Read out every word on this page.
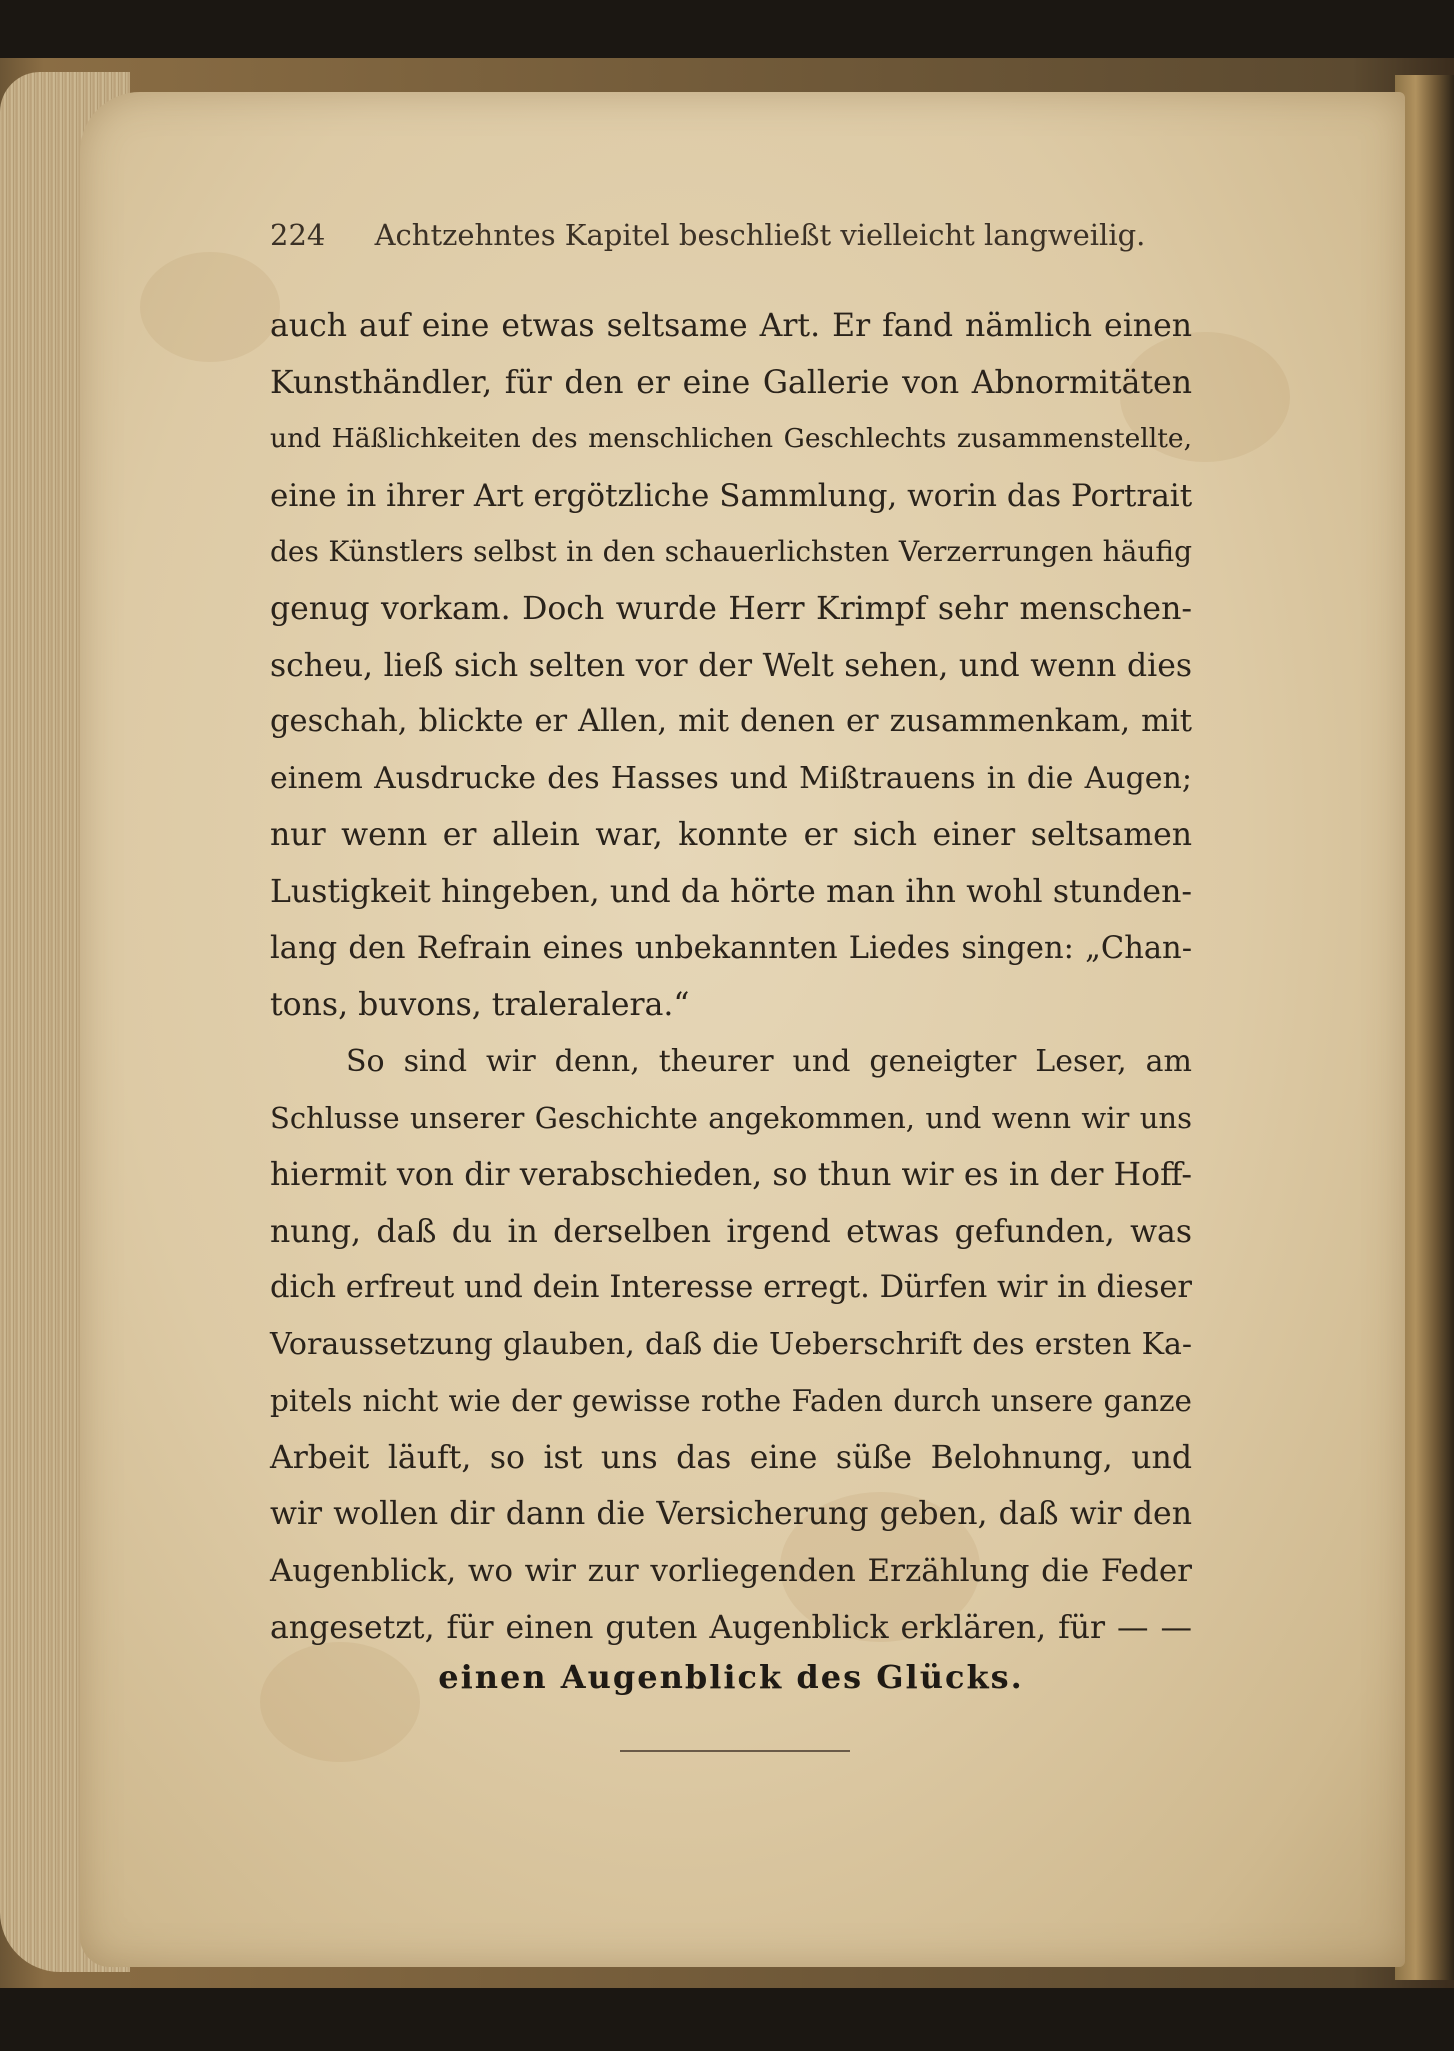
224 Achtzehntes Kapitel beschließt vielleicht langweilig.
auch auf eine etwas seltsame Art. Er fand nämlich einen
Kunsthändler, für den er eine Gallerie von Abnormitäten
und Häßlichkeiten des menschlichen Geschlechts zusammenstellte,
eine in ihrer Art ergötzliche Sammlung, worin das Portrait
des Künstlers selbst in den schauerlichsten Verzerrungen häufig
genug vorkam. Doch wurde Herr Krimpf sehr menschen-
scheu, ließ sich selten vor der Welt sehen, und wenn dies
geschah, blickte er Allen, mit denen er zusammenkam, mit
einem Ausdrucke des Hasses und Mißtrauens in die Augen;
nur wenn er allein war, konnte er sich einer seltsamen
Lustigkeit hingeben, und da hörte man ihn wohl stunden-
lang den Refrain eines unbekannten Liedes singen: „Chan-
tons, buvons, traleralera.“
So sind wir denn, theurer und geneigter Leser, am
Schlusse unserer Geschichte angekommen, und wenn wir uns
hiermit von dir verabschieden, so thun wir es in der Hoff-
nung, daß du in derselben irgend etwas gefunden, was
dich erfreut und dein Interesse erregt. Dürfen wir in dieser
Voraussetzung glauben, daß die Ueberschrift des ersten Ka-
pitels nicht wie der gewisse rothe Faden durch unsere ganze
Arbeit läuft, so ist uns das eine süße Belohnung, und
wir wollen dir dann die Versicherung geben, daß wir den
Augenblick, wo wir zur vorliegenden Erzählung die Feder
angesetzt, für einen guten Augenblick erklären, für — —
einen Augenblick des Glücks.
